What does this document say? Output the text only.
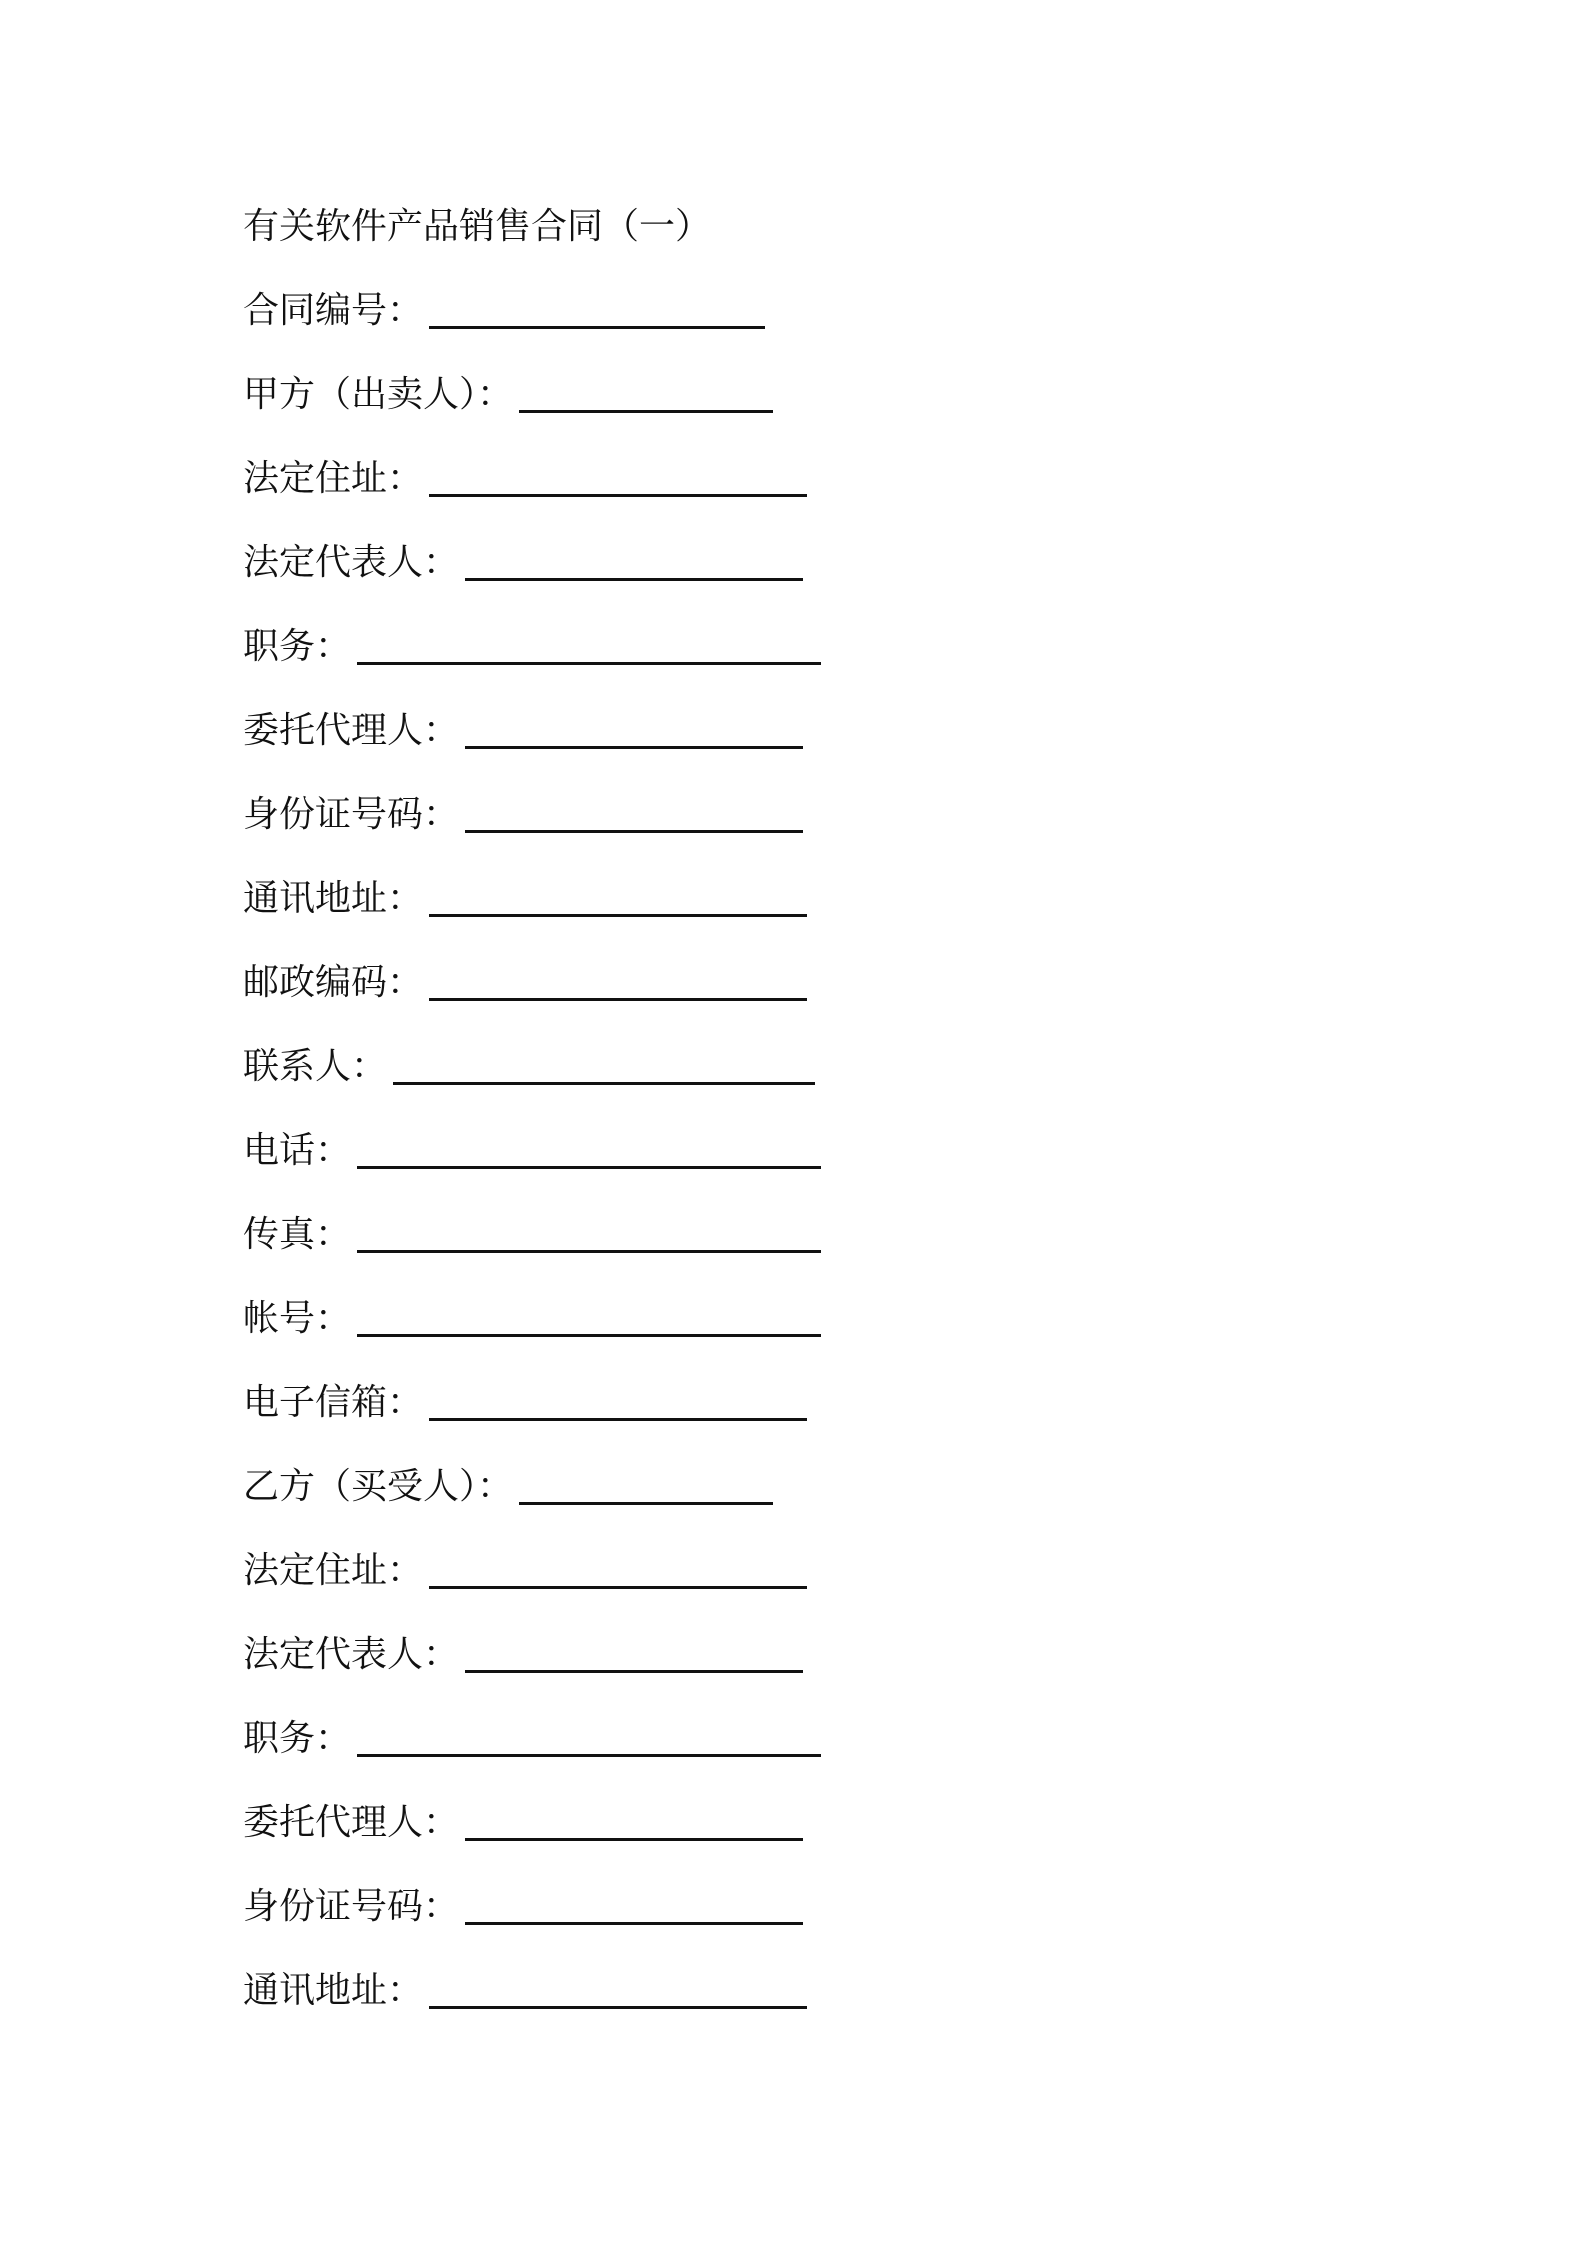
有关软件产品销售合同（一）
合同编号：
甲方（出卖人）：
法定住址：
法定代表人：
职务：
委托代理人：
身份证号码：
通讯地址：
邮政编码：
联系人：
电话：
传真：
帐号：
电子信箱：
乙方（买受人）：
法定住址：
法定代表人：
职务：
委托代理人：
身份证号码：
通讯地址：
